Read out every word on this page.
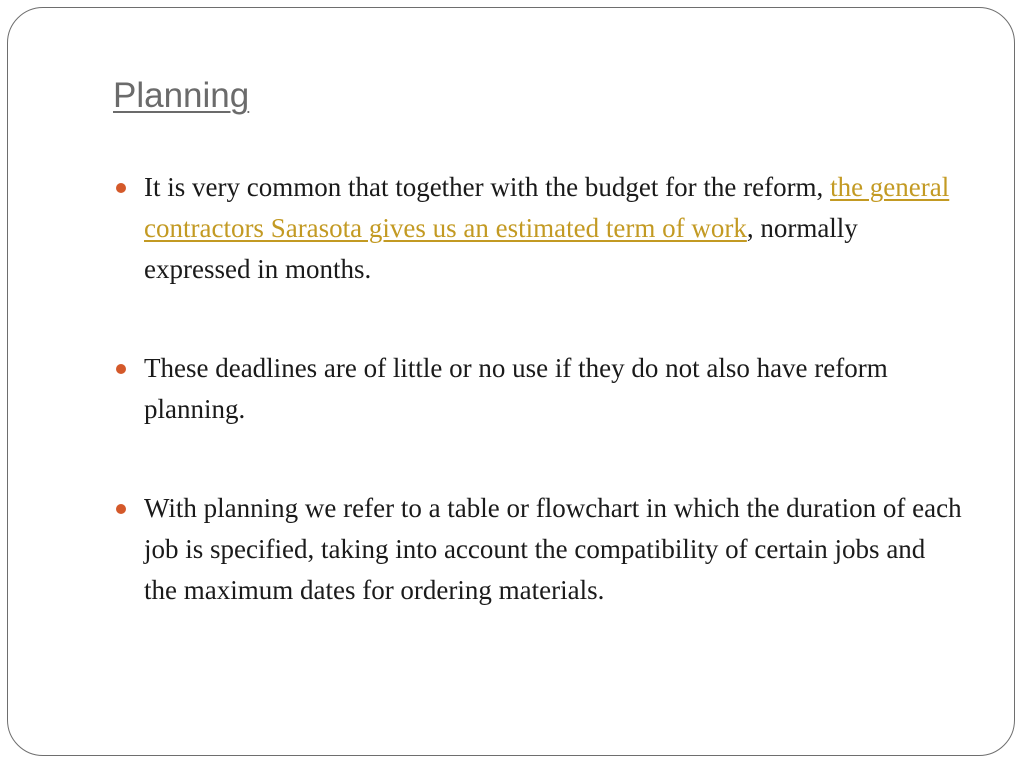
Planning
It is very common that together with the budget for the reform, the general contractors Sarasota gives us an estimated term of work, normally expressed in months.
These deadlines are of little or no use if they do not also have reform planning.
With planning we refer to a table or flowchart in which the duration of each job is specified, taking into account the compatibility of certain jobs and the maximum dates for ordering materials.
